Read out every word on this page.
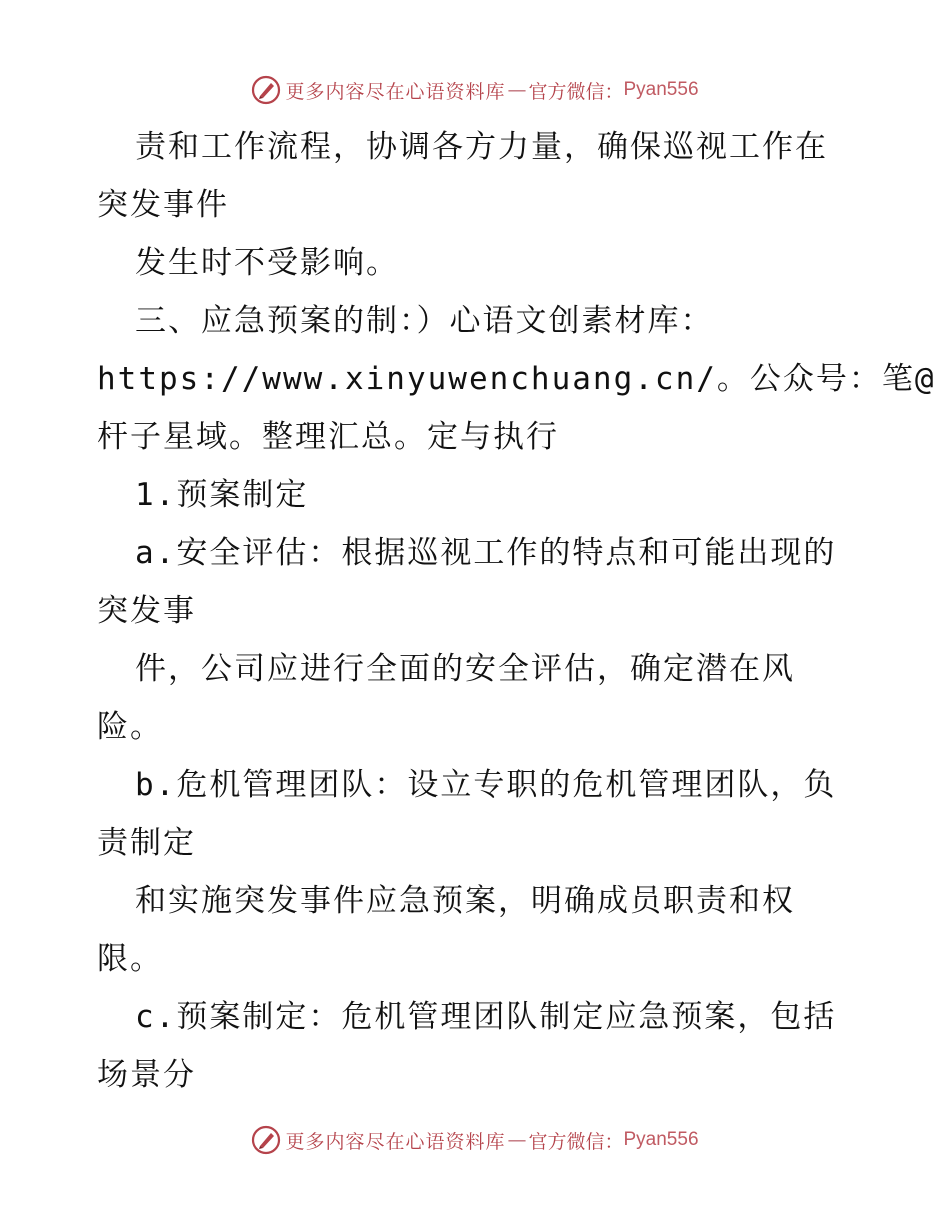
更多内容尽在心语资料库 — 官方微信： Pyan556
责和工作流程，协调各方力量，确保巡视工作在
突发事件
发生时不受影响。
三、应急预案的制：）心语文创素材库：
https://www.xinyuwenchuang.cn/。公众号：笔@
杆子星域。整理汇总。定与执行
1.预案制定
a.安全评估：根据巡视工作的特点和可能出现的
突发事
件，公司应进行全面的安全评估，确定潜在风
险。
b.危机管理团队：设立专职的危机管理团队，负
责制定
和实施突发事件应急预案，明确成员职责和权
限。
c.预案制定：危机管理团队制定应急预案，包括
场景分
更多内容尽在心语资料库 — 官方微信： Pyan556
